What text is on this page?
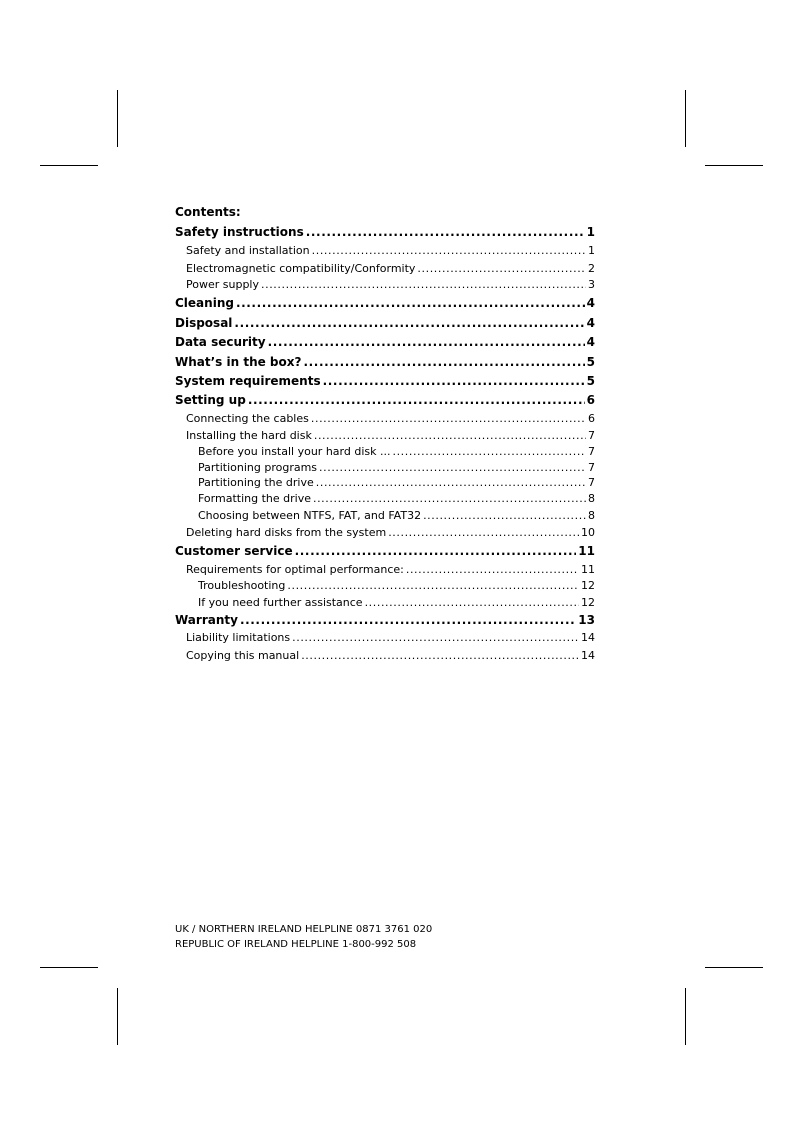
Contents:
Safety instructions .....	1
Safety and installation .....	1
Electromagnetic compatibility/Conformity .....	2
Power supply .....	3
Cleaning .....	4
Disposal .....	4
Data security .....	4
What’s in the box? .....	5
System requirements .....	5
Setting up .....	6
Connecting the cables .....	6
Installing the hard disk .....	7
Before you install your hard disk ... .....	7
Partitioning programs .....	7
Partitioning the drive .....	7
Formatting the drive .....	8
Choosing between NTFS, FAT, and FAT32 .....	8
Deleting hard disks from the system .....	10
Customer service .....	11
Requirements for optimal performance: .....	11
Troubleshooting .....	12
If you need further assistance .....	12
Warranty .....	13
Liability limitations .....	14
Copying this manual .....	14
UK / NORTHERN IRELAND HELPLINE 0871 3761 020
REPUBLIC OF IRELAND HELPLINE 1-800-992 508
